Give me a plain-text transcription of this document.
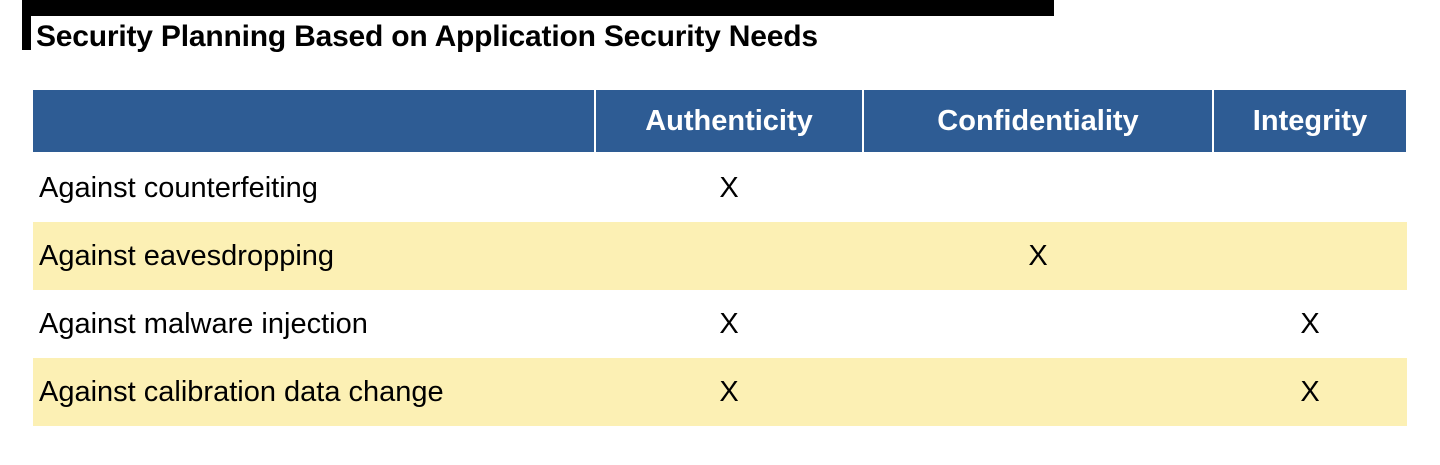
Security Planning Based on Application Security Needs
	Authenticity	Confidentiality	Integrity
Against counterfeiting	X		
Against eavesdropping		X	
Against malware injection	X		X
Against calibration data change	X		X
